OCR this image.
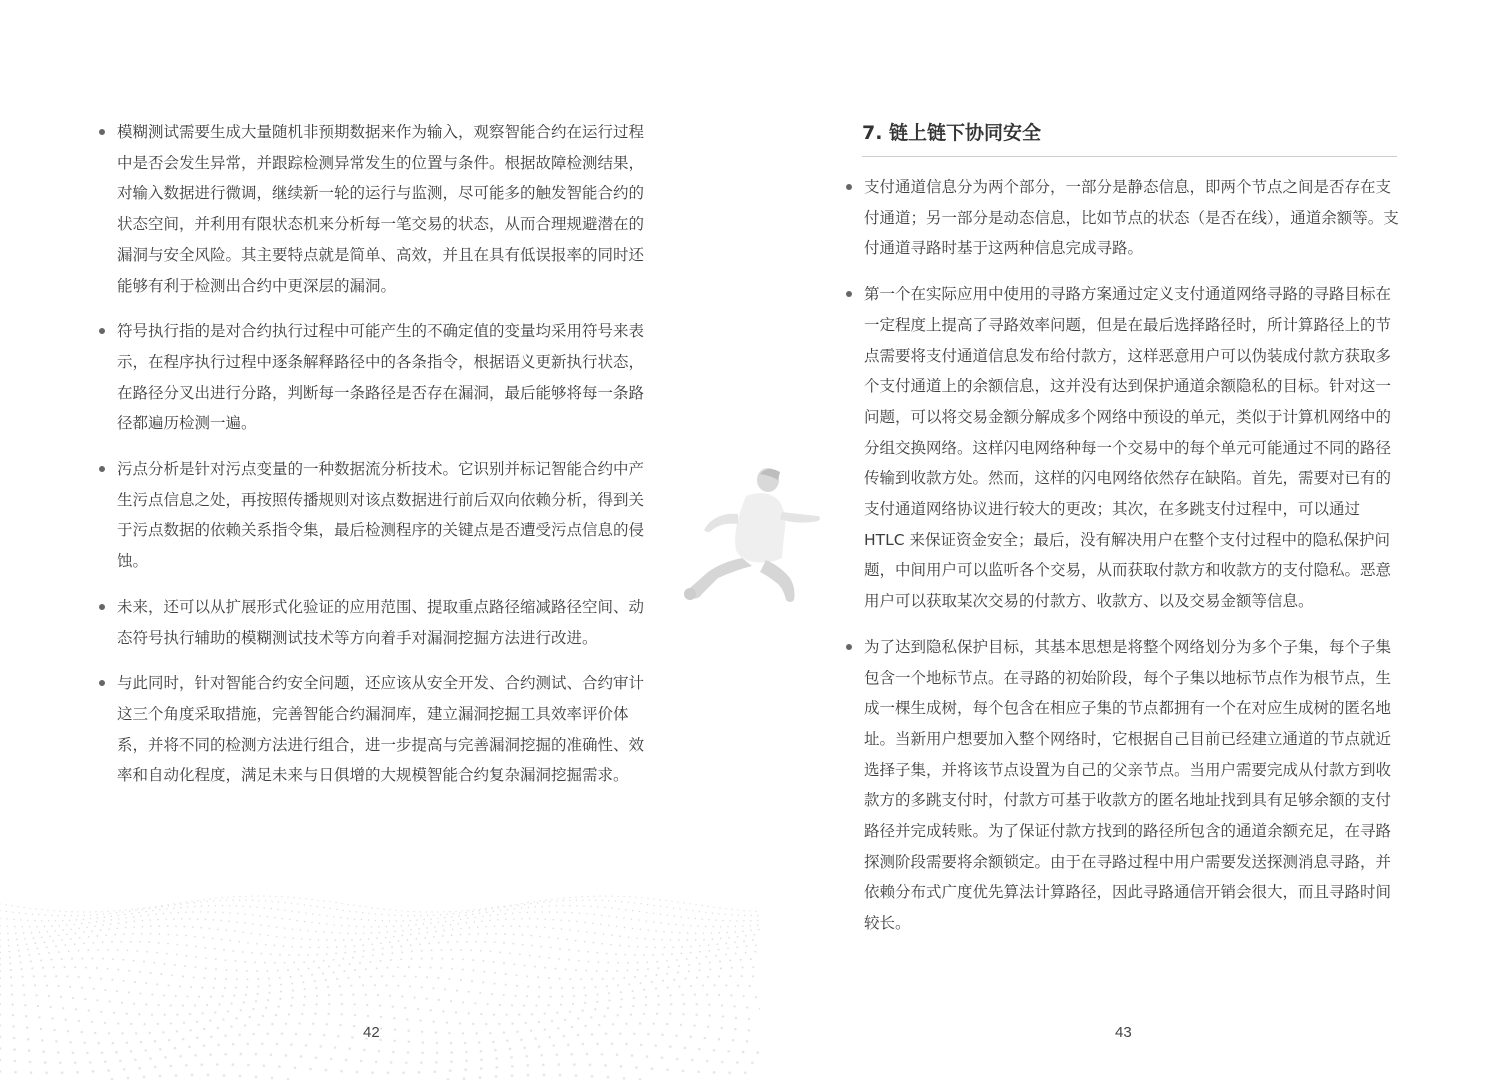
模糊测试需要生成大量随机非预期数据来作为输入，观察智能合约在运行过程中是否会发生异常，并跟踪检测异常发生的位置与条件。根据故障检测结果，对输入数据进行微调，继续新一轮的运行与监测，尽可能多的触发智能合约的状态空间，并利用有限状态机来分析每一笔交易的状态，从而合理规避潜在的漏洞与安全风险。其主要特点就是简单、高效，并且在具有低误报率的同时还能够有利于检测出合约中更深层的漏洞。
符号执行指的是对合约执行过程中可能产生的不确定值的变量均采用符号来表示，在程序执行过程中逐条解释路径中的各条指令，根据语义更新执行状态，在路径分叉出进行分路，判断每一条路径是否存在漏洞，最后能够将每一条路径都遍历检测一遍。
污点分析是针对污点变量的一种数据流分析技术。它识别并标记智能合约中产生污点信息之处，再按照传播规则对该点数据进行前后双向依赖分析，得到关于污点数据的依赖关系指令集，最后检测程序的关键点是否遭受污点信息的侵蚀。
未来，还可以从扩展形式化验证的应用范围、提取重点路径缩减路径空间、动态符号执行辅助的模糊测试技术等方向着手对漏洞挖掘方法进行改进。
与此同时，针对智能合约安全问题，还应该从安全开发、合约测试、合约审计这三个角度采取措施，完善智能合约漏洞库，建立漏洞挖掘工具效率评价体系，并将不同的检测方法进行组合，进一步提高与完善漏洞挖掘的准确性、效率和自动化程度，满足未来与日俱增的大规模智能合约复杂漏洞挖掘需求。
42
7. 链上链下协同安全
支付通道信息分为两个部分，一部分是静态信息，即两个节点之间是否存在支付通道；另一部分是动态信息，比如节点的状态（是否在线），通道余额等。支付通道寻路时基于这两种信息完成寻路。
第一个在实际应用中使用的寻路方案通过定义支付通道网络寻路的寻路目标在一定程度上提高了寻路效率问题，但是在最后选择路径时，所计算路径上的节点需要将支付通道信息发布给付款方，这样恶意用户可以伪装成付款方获取多个支付通道上的余额信息，这并没有达到保护通道余额隐私的目标。针对这一问题，可以将交易金额分解成多个网络中预设的单元，类似于计算机网络中的分组交换网络。这样闪电网络种每一个交易中的每个单元可能通过不同的路径传输到收款方处。然而，这样的闪电网络依然存在缺陷。首先，需要对已有的支付通道网络协议进行较大的更改；其次，在多跳支付过程中，可以通过 HTLC 来保证资金安全；最后，没有解决用户在整个支付过程中的隐私保护问题，中间用户可以监听各个交易，从而获取付款方和收款方的支付隐私。恶意用户可以获取某次交易的付款方、收款方、以及交易金额等信息。
为了达到隐私保护目标，其基本思想是将整个网络划分为多个子集，每个子集包含一个地标节点。在寻路的初始阶段，每个子集以地标节点作为根节点，生成一棵生成树，每个包含在相应子集的节点都拥有一个在对应生成树的匿名地址。当新用户想要加入整个网络时，它根据自己目前已经建立通道的节点就近选择子集，并将该节点设置为自己的父亲节点。当用户需要完成从付款方到收款方的多跳支付时，付款方可基于收款方的匿名地址找到具有足够余额的支付路径并完成转账。为了保证付款方找到的路径所包含的通道余额充足，在寻路探测阶段需要将余额锁定。由于在寻路过程中用户需要发送探测消息寻路，并依赖分布式广度优先算法计算路径，因此寻路通信开销会很大，而且寻路时间较长。
43
